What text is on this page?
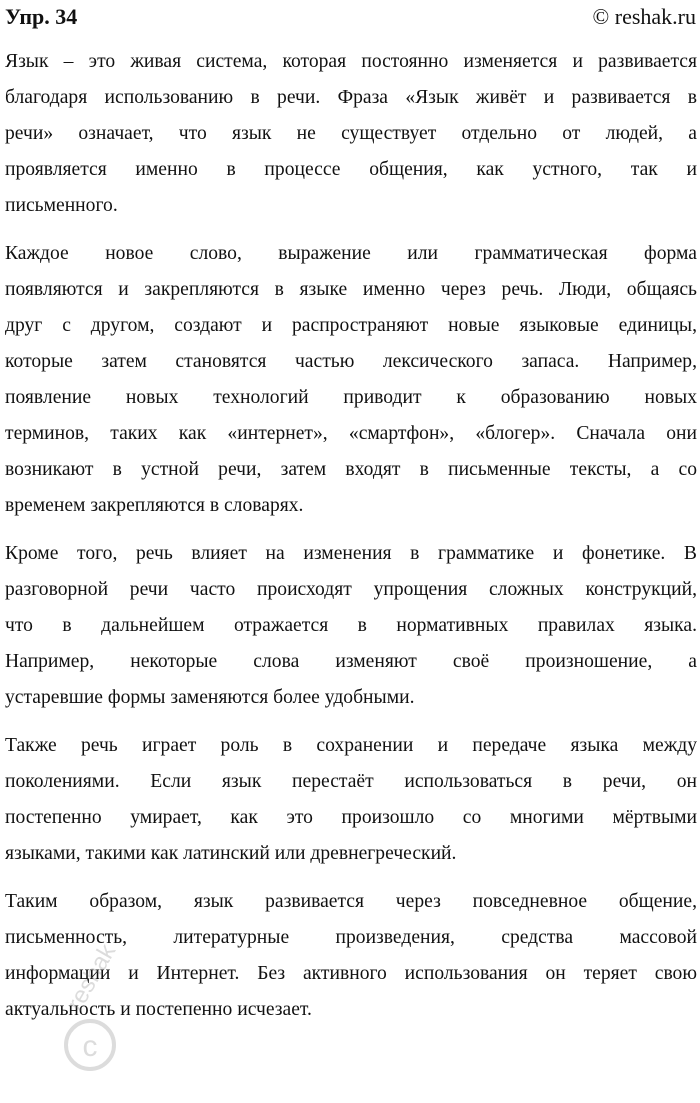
Упр. 34	© reshak.ru
Язык – это живая система, которая постоянно изменяется и развивается
благодаря использованию в речи. Фраза «Язык живёт и развивается в
речи» означает, что язык не существует отдельно от людей, а
проявляется именно в процессе общения, как устного, так и
письменного.
Каждое новое слово, выражение или грамматическая форма
появляются и закрепляются в языке именно через речь. Люди, общаясь
друг с другом, создают и распространяют новые языковые единицы,
которые затем становятся частью лексического запаса. Например,
появление новых технологий приводит к образованию новых
терминов, таких как «интернет», «смартфон», «блогер». Сначала они
возникают в устной речи, затем входят в письменные тексты, а со
временем закрепляются в словарях.
Кроме того, речь влияет на изменения в грамматике и фонетике. В
разговорной речи часто происходят упрощения сложных конструкций,
что в дальнейшем отражается в нормативных правилах языка.
Например, некоторые слова изменяют своё произношение, а
устаревшие формы заменяются более удобными.
Также речь играет роль в сохранении и передаче языка между
поколениями. Если язык перестаёт использоваться в речи, он
постепенно умирает, как это произошло со многими мёртвыми
языками, такими как латинский или древнегреческий.
Таким образом, язык развивается через повседневное общение,
письменность, литературные произведения, средства массовой
информации и Интернет. Без активного использования он теряет свою
актуальность и постепенно исчезает.
c
reshak
